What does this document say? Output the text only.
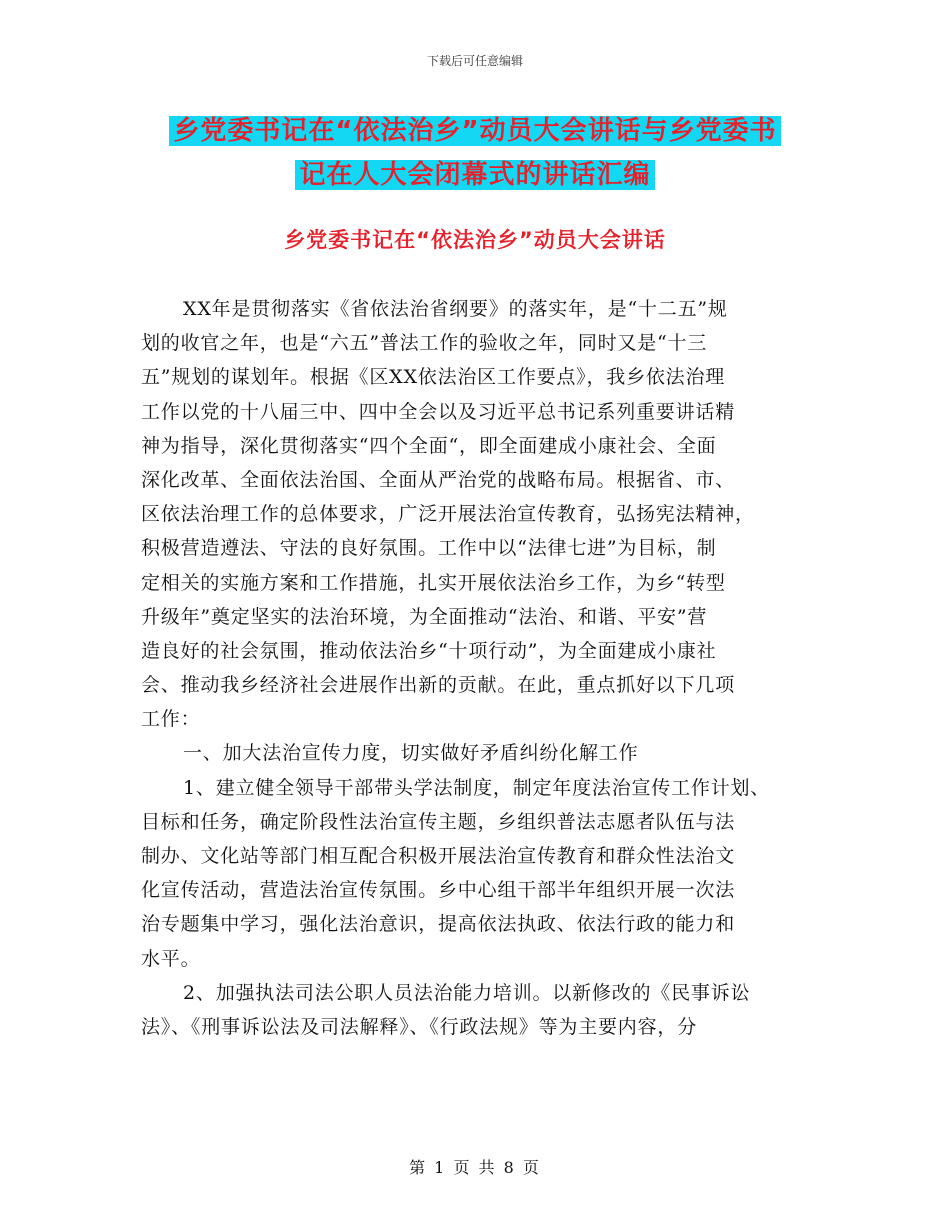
下载后可任意编辑
乡党委书记在“依法治乡”动员大会讲话与乡党委书
记在人大会闭幕式的讲话汇编
乡党委书记在“依法治乡”动员大会讲话
XX年是贯彻落实《省依法治省纲要》的落实年，是“十二五”规
划的收官之年，也是“六五”普法工作的验收之年，同时又是“十三
五”规划的谋划年。根据《区XX依法治区工作要点》，我乡依法治理
工作以党的十八届三中、四中全会以及习近平总书记系列重要讲话精
神为指导，深化贯彻落实“四个全面“，即全面建成小康社会、全面
深化改革、全面依法治国、全面从严治党的战略布局。根据省、市、
区依法治理工作的总体要求，广泛开展法治宣传教育，弘扬宪法精神，
积极营造遵法、守法的良好氛围。工作中以“法律七进”为目标，制
定相关的实施方案和工作措施，扎实开展依法治乡工作，为乡“转型
升级年”奠定坚实的法治环境，为全面推动“法治、和谐、平安”营
造良好的社会氛围，推动依法治乡“十项行动”，为全面建成小康社
会、推动我乡经济社会进展作出新的贡献。在此，重点抓好以下几项
工作：
一、加大法治宣传力度，切实做好矛盾纠纷化解工作
1、建立健全领导干部带头学法制度，制定年度法治宣传工作计划、
目标和任务，确定阶段性法治宣传主题，乡组织普法志愿者队伍与法
制办、文化站等部门相互配合积极开展法治宣传教育和群众性法治文
化宣传活动，营造法治宣传氛围。乡中心组干部半年组织开展一次法
治专题集中学习，强化法治意识，提高依法执政、依法行政的能力和
水平。
2、加强执法司法公职人员法治能力培训。以新修改的《民事诉讼
法》、《刑事诉讼法及司法解释》、《行政法规》等为主要内容，分
第 1 页 共 8 页
